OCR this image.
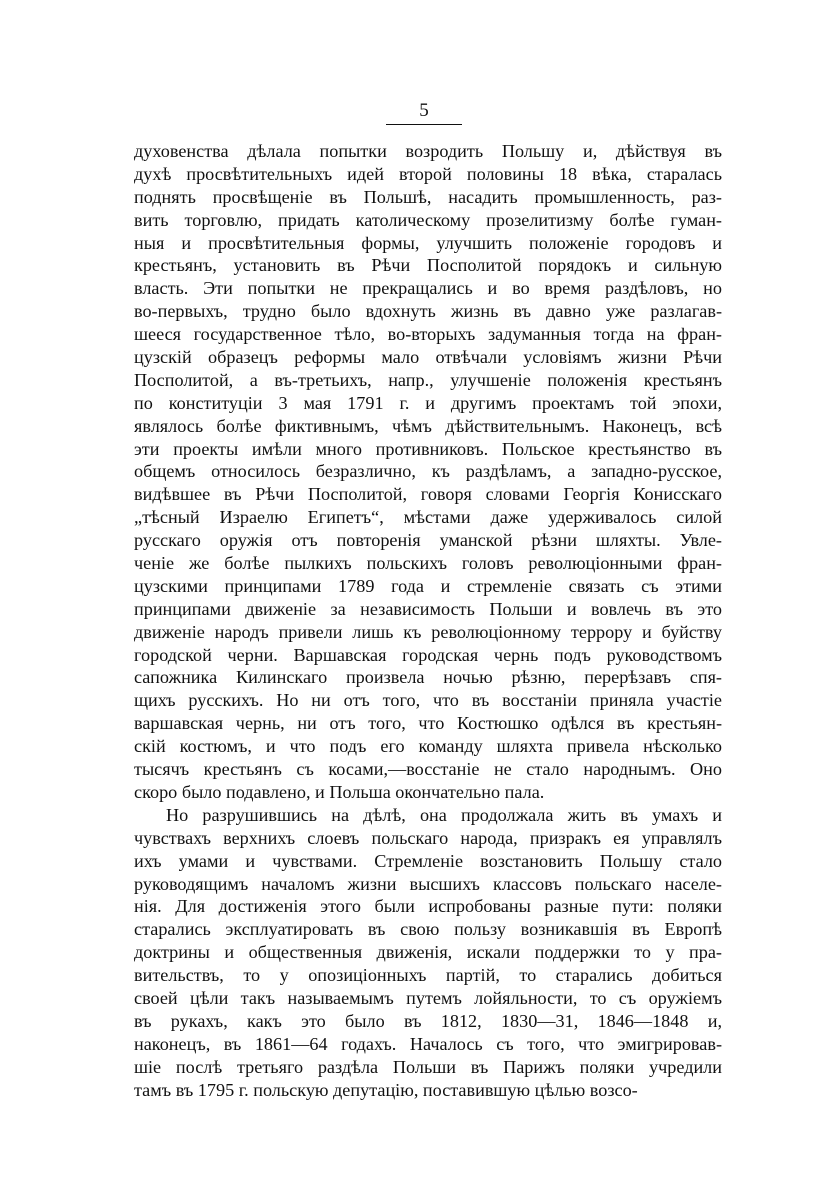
5
духовенства дѣлала попытки возродить Польшу и, дѣйствуя въ
духѣ просвѣтительныхъ идей второй половины 18 вѣка, старалась
поднять просвѣщеніе въ Польшѣ, насадить промышленность, раз-
вить торговлю, придать католическому прозелитизму болѣе гуман-
ныя и просвѣтительныя формы, улучшить положеніе городовъ и
крестьянъ, установить въ Рѣчи Посполитой порядокъ и сильную
власть. Эти попытки не прекращались и во время раздѣловъ, но
во-первыхъ, трудно было вдохнуть жизнь въ давно уже разлагав-
шееся государственное тѣло, во-вторыхъ задуманныя тогда на фран-
цузскій образецъ реформы мало отвѣчали условіямъ жизни Рѣчи
Посполитой, а въ-третьихъ, напр., улучшеніе положенія крестьянъ
по конституціи 3 мая 1791 г. и другимъ проектамъ той эпохи,
являлось болѣе фиктивнымъ, чѣмъ дѣйствительнымъ. Наконецъ, всѣ
эти проекты имѣли много противниковъ. Польское крестьянство въ
общемъ относилось безразлично, къ раздѣламъ, а западно-русское,
видѣвшее въ Рѣчи Посполитой, говоря словами Георгія Конисскаго
„тѣсный Израелю Египетъ“, мѣстами даже удерживалось силой
русскаго оружія отъ повторенія уманской рѣзни шляхты. Увле-
ченіе же болѣе пылкихъ польскихъ головъ революціонными фран-
цузскими принципами 1789 года и стремленіе связать съ этими
принципами движеніе за независимость Польши и вовлечь въ это
движеніе народъ привели лишь къ революціонному террору и буйству
городской черни. Варшавская городская чернь подъ руководствомъ
сапожника Килинскаго произвела ночью рѣзню, перерѣзавъ спя-
щихъ русскихъ. Но ни отъ того, что въ восстаніи приняла участіе
варшавская чернь, ни отъ того, что Костюшко одѣлся въ крестьян-
скій костюмъ, и что подъ его команду шляхта привела нѣсколько
тысячъ крестьянъ съ косами,—восстаніе не стало народнымъ. Оно
скоро было подавлено, и Польша окончательно пала.
Но разрушившись на дѣлѣ, она продолжала жить въ умахъ и
чувствахъ верхнихъ слоевъ польскаго народа, призракъ ея управлялъ
ихъ умами и чувствами. Стремленіе возстановить Польшу стало
руководящимъ началомъ жизни высшихъ классовъ польскаго населе-
нія. Для достиженія этого были испробованы разные пути: поляки
старались эксплуатировать въ свою пользу возникавшія въ Европѣ
доктрины и общественныя движенія, искали поддержки то у пра-
вительствъ, то у опозиціонныхъ партій, то старались добиться
своей цѣли такъ называемымъ путемъ лойяльности, то съ оружіемъ
въ рукахъ, какъ это было въ 1812, 1830—31, 1846—1848 и,
наконецъ, въ 1861—64 годахъ. Началось съ того, что эмигрировав-
шіе послѣ третьяго раздѣла Польши въ Парижъ поляки учредили
тамъ въ 1795 г. польскую депутацію, поставившую цѣлью возсо-
